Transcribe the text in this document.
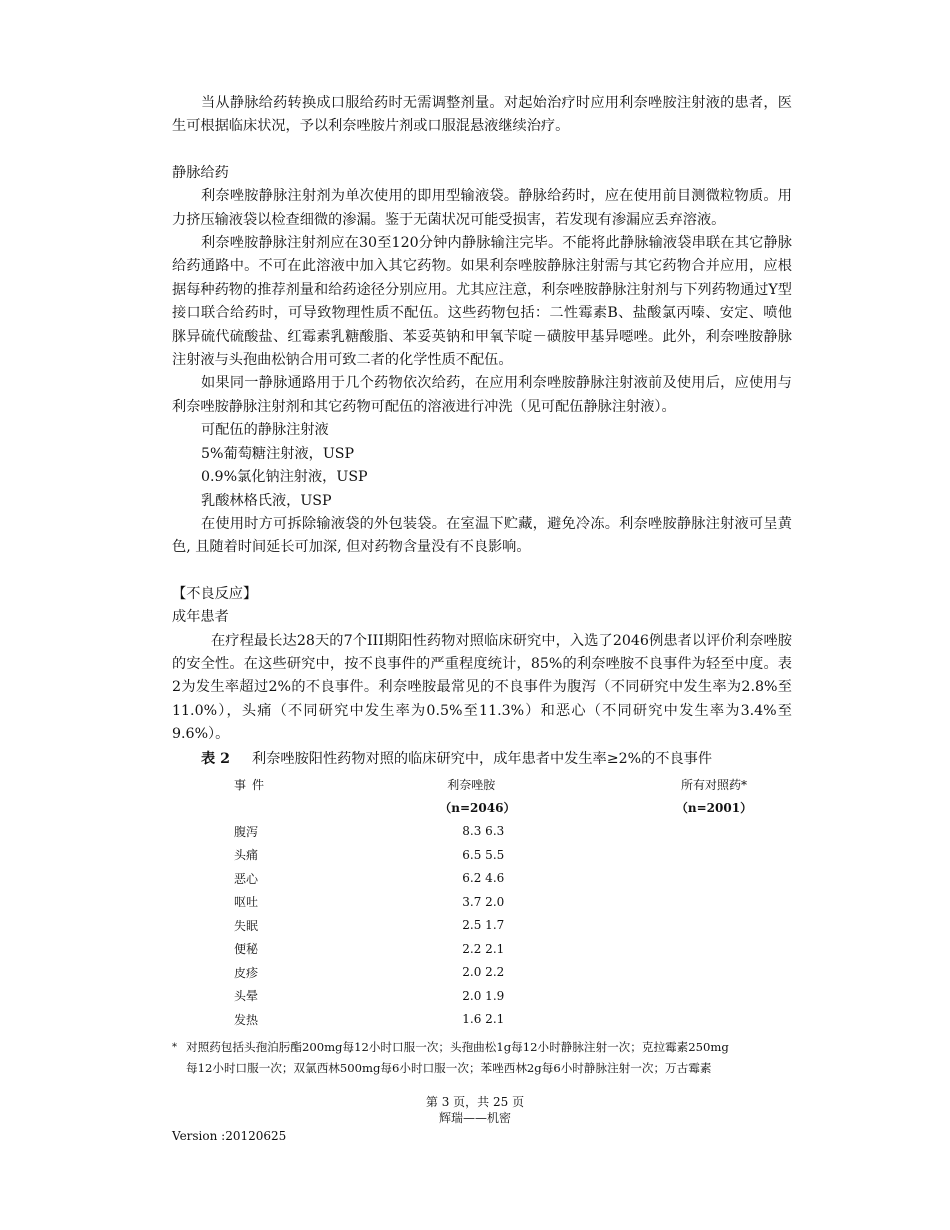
当从静脉给药转换成口服给药时无需调整剂量。对起始治疗时应用利奈唑胺注射液的患者，医生可根据临床状况，予以利奈唑胺片剂或口服混悬液继续治疗。

静脉给药

利奈唑胺静脉注射剂为单次使用的即用型输液袋。静脉给药时，应在使用前目测微粒物质。用力挤压输液袋以检查细微的渗漏。鉴于无菌状况可能受损害，若发现有渗漏应丢弃溶液。

利奈唑胺静脉注射剂应在30至120分钟内静脉输注完毕。不能将此静脉输液袋串联在其它静脉给药通路中。不可在此溶液中加入其它药物。如果利奈唑胺静脉注射需与其它药物合并应用，应根据每种药物的推荐剂量和给药途径分别应用。尤其应注意，利奈唑胺静脉注射剂与下列药物通过Y型接口联合给药时，可导致物理性质不配伍。这些药物包括：二性霉素B、盐酸氯丙嗪、安定、喷他脒异硫代硫酸盐、红霉素乳糖酸脂、苯妥英钠和甲氧苄啶－磺胺甲基异噁唑。此外，利奈唑胺静脉注射液与头孢曲松钠合用可致二者的化学性质不配伍。

如果同一静脉通路用于几个药物依次给药，在应用利奈唑胺静脉注射液前及使用后，应使用与利奈唑胺静脉注射剂和其它药物可配伍的溶液进行冲洗（见可配伍静脉注射液）。

可配伍的静脉注射液

5%葡萄糖注射液，USP

0.9%氯化钠注射液，USP

乳酸林格氏液，USP

在使用时方可拆除输液袋的外包装袋。在室温下贮藏，避免冷冻。利奈唑胺静脉注射液可呈黄色, 且随着时间延长可加深, 但对药物含量没有不良影响。

【不良反应】

成年患者

在疗程最长达28天的7个III期阳性药物对照临床研究中，入选了2046例患者以评价利奈唑胺的安全性。在这些研究中，按不良事件的严重程度统计，85%的利奈唑胺不良事件为轻至中度。表2为发生率超过2%的不良事件。利奈唑胺最常见的不良事件为腹泻（不同研究中发生率为2.8%至11.0%），头痛（不同研究中发生率为0.5%至11.3%）和恶心（不同研究中发生率为3.4%至9.6%）。

表 2 利奈唑胺阳性药物对照的临床研究中，成年患者中发生率≥2%的不良事件

事件	利奈唑胺	所有对照药*
	（n=2046）	（n=2001）
腹泻	8.3 6.3	
头痛	6.5 5.5	
恶心	6.2 4.6	
呕吐	3.7 2.0	
失眠	2.5 1.7	
便秘	2.2 2.1	
皮疹	2.0 2.2	
头晕	2.0 1.9	
发热	1.6 2.1	
* 对照药包括头孢泊肟酯200mg每12小时口服一次；头孢曲松1g每12小时静脉注射一次；克拉霉素250mg
每12小时口服一次；双氯西林500mg每6小时口服一次；苯唑西林2g每6小时静脉注射一次；万古霉素
第 3 页，共 25 页
辉瑞——机密
Version :20120625
